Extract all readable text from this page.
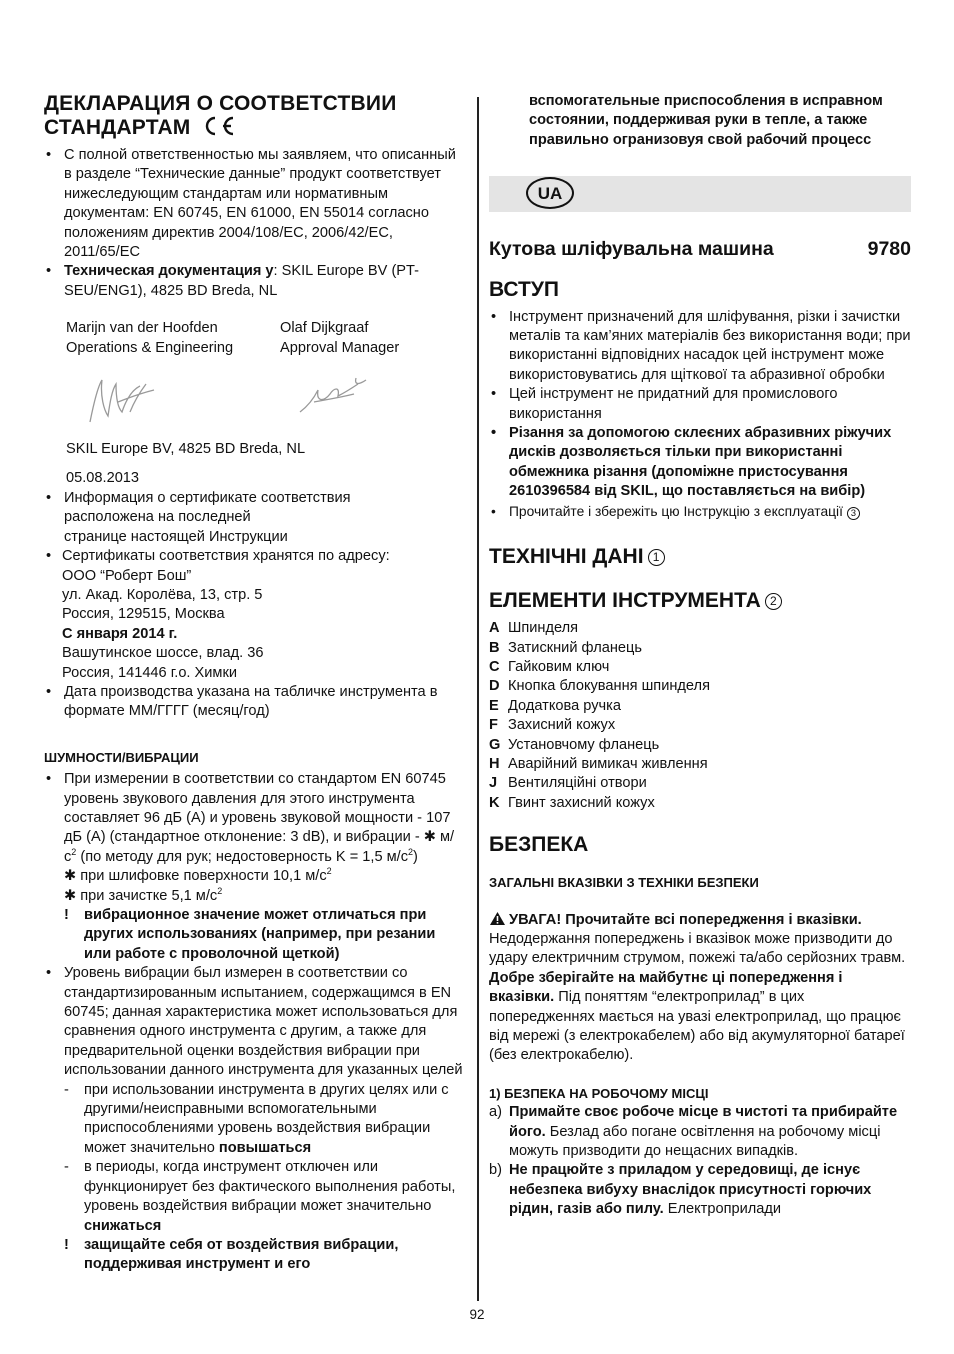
ДЕКЛАРАЦИЯ О СООТВЕТСТВИИ
СТАНДАРТАМ
• С полной ответственностью мы заявляем, что описанный в разделе “Технические данные” продукт соответствует нижеследующим стандартам или нормативным документам: EN 60745, EN 61000, EN 55014 согласно положениям директив 2004/108/EC, 2006/42/EC, 2011/65/EC
• Техническая документация у: SKIL Europe BV (PT-SEU/ENG1), 4825 BD Breda, NL
Marijn van der Hoofden
Operations & Engineering
Olaf Dijkgraaf
Approval Manager
SKIL Europe BV, 4825 BD Breda, NL
05.08.2013
• Информация о сертификате соответствия
расположена на последней
странице настоящей Инструкции
• Сертификаты соответствия хранятся по адресу:
ООО “Роберт Бош”
ул. Акад. Королёва, 13, стр. 5
Россия, 129515, Москва
С января 2014 г.
Вашутинское шоссе, влад. 36
Россия, 141446 г.о. Химки
• Дата производства указана на табличке инструмента в формате ММ/ГГГГ (месяц/год)
ШУМНОСТИ/ВИБРАЦИИ
• При измерении в соответствии со стандартом EN 60745 уровень звукового давления для этого инструмента составляет 96 дБ (A) и уровень звуковой мощности - 107 дБ (A) (стандартное отклонение: 3 dB), и вибрации - ✱ $м/с^2$ (по методу для рук; недостоверность K = 1,5 $м/с^2$)
✱ при шлифовке поверхности 10,1 $м/с^2$
✱ при зачистке 5,1 $м/с^2$
! вибрационное значение может отличаться при других использованиях (например, при резании или работе с проволочной щеткой)
• Уровень вибрации был измерен в соответствии со стандартизированным испытанием, содержащимся в EN 60745; данная характеристика может использоваться для сравнения одного инструмента с другим, а также для предварительной оценки воздействия вибрации при использовании данного инструмента для указанных целей
- при использовании инструмента в других целях или с другими/неисправными вспомогательными приспособлениями уровень воздействия вибрации может значительно повышаться
- в периоды, когда инструмент отключен или функционирует без фактического выполнения работы, уровень воздействия вибрации может значительно снижаться
! защищайте себя от воздействия вибрации, поддерживая инструмент и его
вспомогательные приспособления в исправном состоянии, поддерживая руки в тепле, а также правильно огранизовуя свой рабочий процесс
UA
Кутова шліфувальна машина	9780
ВСТУП
• Інструмент призначений для шліфування, різки і зачистки металів та кам’яних матеріалів без використання води; при використанні відповідних насадок цей інструмент може використовуватись для щіткової та абразивної обробки
• Цей інструмент не придатний для промислового використання
• Різання за допомогою склеєних абразивних ріжучих дисків дозволяється тільки при використанні обмежника різання (допоміжне пристосування 2610396584 від SKIL, що поставляється на вибір)
• Прочитайте і збережіть цю Інструкцію з експлуатації 3
ТЕХНІЧНІ ДАНІ 1
ЕЛЕМЕНТИ ІНСТРУМЕНТА 2
A Шпинделя
B Затискний фланець
C Гайковим ключ
D Кнопка блокування шпинделя
E Додаткова ручка
F Захисний кожух
G Установчому фланець
H Аварійний вимикач живлення
J Вентиляційні отвори
K Гвинт захисний кожух
БЕЗПЕКА
ЗАГАЛЬНІ ВКАЗІВКИ З ТЕХНІКИ БЕЗПЕКИ
УВАГА! Прочитайте всі попередження і вказівки. Недодержання попереджень і вказівок може призводити до удару електричним струмом, пожежі та/або серйозних травм. Добре зберігайте на майбутнє ці попередження і вказівки. Під поняттям “електроприлад” в цих попередженнях мається на увазі електроприлад, що працює від мережі (з електрокабелем) або від акумуляторної батареї (без електрокабелю).
1) БЕЗПЕКА НА РОБОЧОМУ МІСЦІ
a) Примайте своє робоче місце в чистоті та прибирайте його. Безлад або погане освітлення на робочому місці можуть призводити до нещасних випадків.
b) Не працюйте з приладом у середовищі, де існує небезпека вибуху внаслідок присутності горючих рідин, газів або пилу. Електроприлади
92
